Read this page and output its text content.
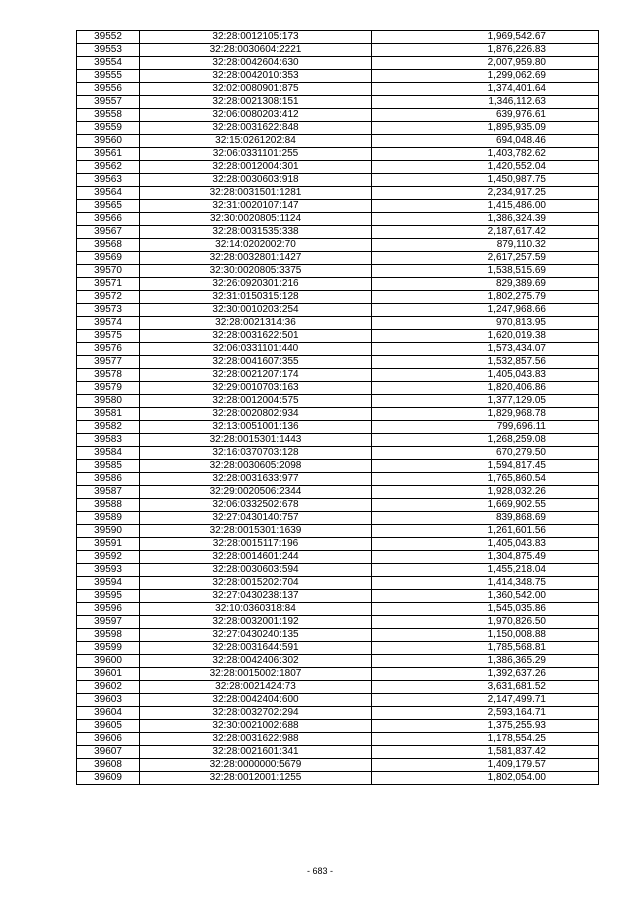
39552	32:28:0012105:173	1,969,542.67
39553	32:28:0030604:2221	1,876,226.83
39554	32:28:0042604:630	2,007,959.80
39555	32:28:0042010:353	1,299,062.69
39556	32:02:0080901:875	1,374,401.64
39557	32:28:0021308:151	1,346,112.63
39558	32:06:0080203:412	639,976.61
39559	32:28:0031622:848	1,895,935.09
39560	32:15:0261202:84	694,048.46
39561	32:06:0331101:255	1,403,782.62
39562	32:28:0012004:301	1,420,552.04
39563	32:28:0030603:918	1,450,987.75
39564	32:28:0031501:1281	2,234,917.25
39565	32:31:0020107:147	1,415,486.00
39566	32:30:0020805:1124	1,386,324.39
39567	32:28:0031535:338	2,187,617.42
39568	32:14:0202002:70	879,110.32
39569	32:28:0032801:1427	2,617,257.59
39570	32:30:0020805:3375	1,538,515.69
39571	32:26:0920301:216	829,389.69
39572	32:31:0150315:128	1,802,275.79
39573	32:30:0010203:254	1,247,968.66
39574	32:28:0021314:36	970,813.95
39575	32:28:0031622:501	1,620,019.38
39576	32:06:0331101:440	1,573,434.07
39577	32:28:0041607:355	1,532,857.56
39578	32:28:0021207:174	1,405,043.83
39579	32:29:0010703:163	1,820,406.86
39580	32:28:0012004:575	1,377,129.05
39581	32:28:0020802:934	1,829,968.78
39582	32:13:0051001:136	799,696.11
39583	32:28:0015301:1443	1,268,259.08
39584	32:16:0370703:128	670,279.50
39585	32:28:0030605:2098	1,594,817.45
39586	32:28:0031633:977	1,765,860.54
39587	32:29:0020506:2344	1,928,032.26
39588	32:06:0332502:678	1,669,902.55
39589	32:27:0430140:757	839,868.69
39590	32:28:0015301:1639	1,261,601.56
39591	32:28:0015117:196	1,405,043.83
39592	32:28:0014601:244	1,304,875.49
39593	32:28:0030603:594	1,455,218.04
39594	32:28:0015202:704	1,414,348.75
39595	32:27:0430238:137	1,360,542.00
39596	32:10:0360318:84	1,545,035.86
39597	32:28:0032001:192	1,970,826.50
39598	32:27:0430240:135	1,150,008.88
39599	32:28:0031644:591	1,785,568.81
39600	32:28:0042406:302	1,386,365.29
39601	32:28:0015002:1807	1,392,637.26
39602	32:28:0021424:73	3,631,681.52
39603	32:28:0042404:600	2,147,499.71
39604	32:28:0032702:294	2,593,164.71
39605	32:30:0021002:688	1,375,255.93
39606	32:28:0031622:988	1,178,554.25
39607	32:28:0021601:341	1,581,837.42
39608	32:28:0000000:5679	1,409,179.57
39609	32:28:0012001:1255	1,802,054.00
- 683 -
